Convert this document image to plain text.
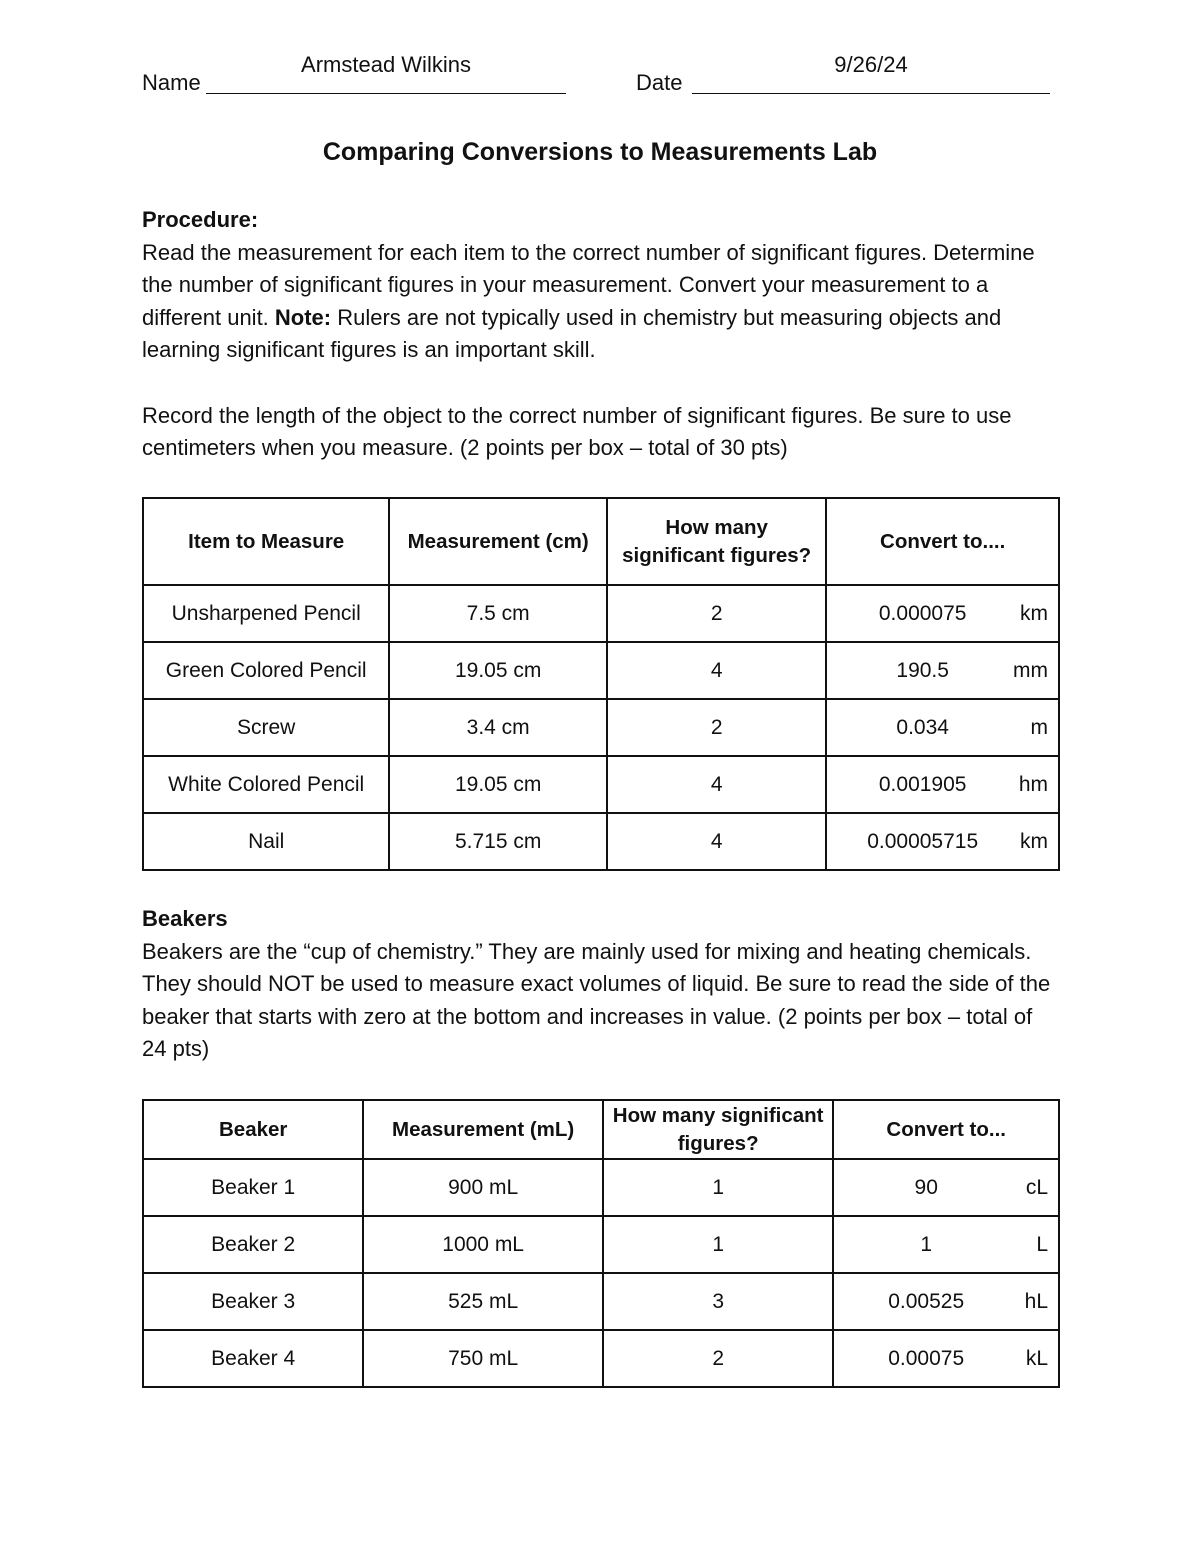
Name
Armstead Wilkins
Date
9/26/24
Comparing Conversions to Measurements Lab

Procedure:

Read the measurement for each item to the correct number of significant figures. Determine the number of significant figures in your measurement. Convert your measurement to a different unit. Note: Rulers are not typically used in chemistry but measuring objects and learning significant figures is an important skill.

Record the length of the object to the correct number of significant figures. Be sure to use centimeters when you measure. (2 points per box – total of 30 pts)

Item to Measure	Measurement (cm)	How many significant figures?	Convert to....
Unsharpened Pencil	7.5 cm	2	0.000075 km

Green Colored Pencil	19.05 cm	4	190.5 mm

Screw	3.4 cm	2	0.034 m

White Colored Pencil	19.05 cm	4	0.001905 hm

Nail	5.715 cm	4	0.00005715 km

Beakers

Beakers are the “cup of chemistry.” They are mainly used for mixing and heating chemicals. They should NOT be used to measure exact volumes of liquid. Be sure to read the side of the beaker that starts with zero at the bottom and increases in value. (2 points per box – total of 24 pts)

Beaker	Measurement (mL)	How many significant figures?	Convert to...
Beaker 1	900 mL	1	90 cL

Beaker 2	1000 mL	1	1 L

Beaker 3	525 mL	3	0.00525 hL

Beaker 4	750 mL	2	0.00075 kL
